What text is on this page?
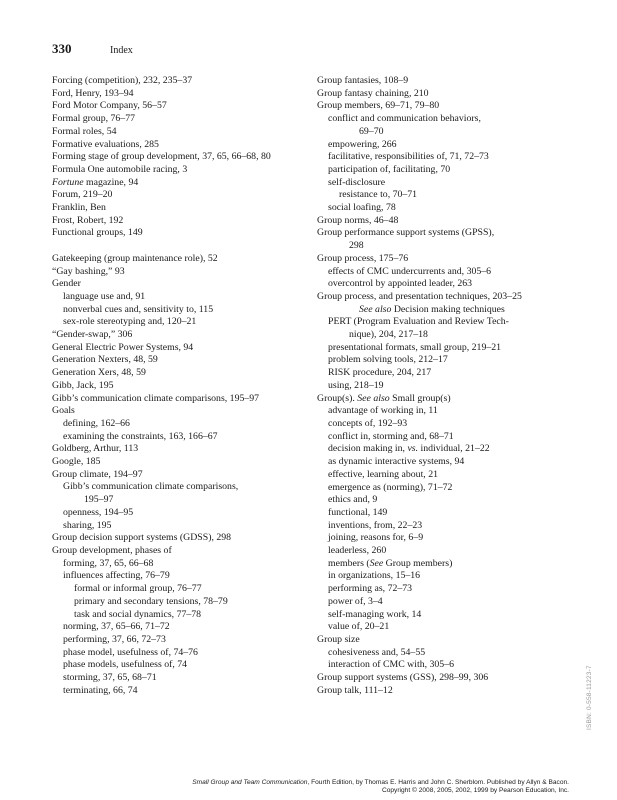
330	Index
Forcing (competition), 232, 235–37
Ford, Henry, 193–94
Ford Motor Company, 56–57
Formal group, 76–77
Formal roles, 54
Formative evaluations, 285
Forming stage of group development, 37, 65, 66–68, 80
Formula One automobile racing, 3
Fortune magazine, 94
Forum, 219–20
Franklin, Ben
Frost, Robert, 192
Functional groups, 149
Gatekeeping (group maintenance role), 52
“Gay bashing,” 93
Gender
language use and, 91
nonverbal cues and, sensitivity to, 115
sex-role stereotyping and, 120–21
“Gender-swap,” 306
General Electric Power Systems, 94
Generation Nexters, 48, 59
Generation Xers, 48, 59
Gibb, Jack, 195
Gibb’s communication climate comparisons, 195–97
Goals
defining, 162–66
examining the constraints, 163, 166–67
Goldberg, Arthur, 113
Google, 185
Group climate, 194–97
Gibb’s communication climate comparisons,
195–97
openness, 194–95
sharing, 195
Group decision support systems (GDSS), 298
Group development, phases of
forming, 37, 65, 66–68
influences affecting, 76–79
formal or informal group, 76–77
primary and secondary tensions, 78–79
task and social dynamics, 77–78
norming, 37, 65–66, 71–72
performing, 37, 66, 72–73
phase model, usefulness of, 74–76
phase models, usefulness of, 74
storming, 37, 65, 68–71
terminating, 66, 74
Group fantasies, 108–9
Group fantasy chaining, 210
Group members, 69–71, 79–80
conflict and communication behaviors,
69–70
empowering, 266
facilitative, responsibilities of, 71, 72–73
participation of, facilitating, 70
self-disclosure
resistance to, 70–71
social loafing, 78
Group norms, 46–48
Group performance support systems (GPSS),
298
Group process, 175–76
effects of CMC undercurrents and, 305–6
overcontrol by appointed leader, 263
Group process, and presentation techniques, 203–25
See also Decision making techniques
PERT (Program Evaluation and Review Tech-
nique), 204, 217–18
presentational formats, small group, 219–21
problem solving tools, 212–17
RISK procedure, 204, 217
using, 218–19
Group(s). See also Small group(s)
advantage of working in, 11
concepts of, 192–93
conflict in, storming and, 68–71
decision making in, vs. individual, 21–22
as dynamic interactive systems, 94
effective, learning about, 21
emergence as (norming), 71–72
ethics and, 9
functional, 149
inventions, from, 22–23
joining, reasons for, 6–9
leaderless, 260
members (See Group members)
in organizations, 15–16
performing as, 72–73
power of, 3–4
self-managing work, 14
value of, 20–21
Group size
cohesiveness and, 54–55
interaction of CMC with, 305–6
Group support systems (GSS), 298–99, 306
Group talk, 111–12	ISBN: 0-558-11223-7
Small Group and Team Communication, Fourth Edition, by Thomas E. Harris and John C. Sherblom. Published by Allyn & Bacon.
Copyright © 2008, 2005, 2002, 1999 by Pearson Education, Inc.
